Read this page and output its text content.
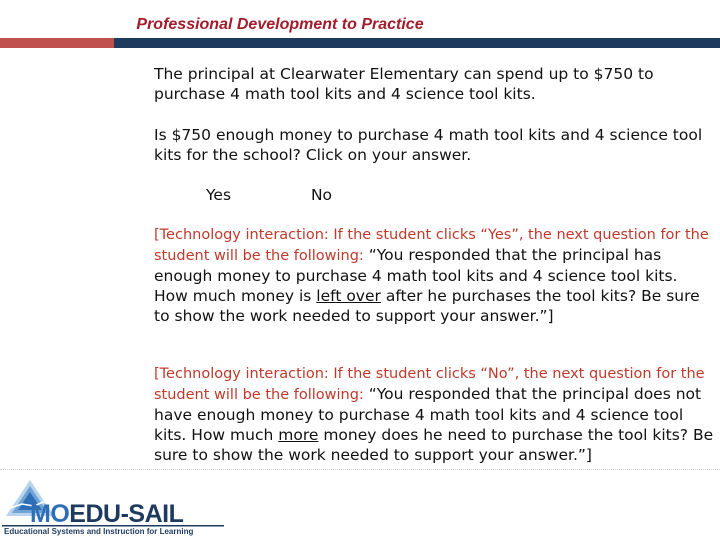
Professional Development to Practice

The principal at Clearwater Elementary can spend up to $750 to purchase 4 math tool kits and 4 science tool kits.

Is $750 enough money to purchase 4 math tool kits and 4 science tool kits for the school? Click on your answer.

Yes	No

[Technology interaction: If the student clicks “Yes”, the next question for the student will be the following: “You responded that the principal has enough money to purchase 4 math tool kits and 4 science tool kits. How much money is left over after he purchases the tool kits? Be sure to show the work needed to support your answer.”]

[Technology interaction: If the student clicks “No”, the next question for the student will be the following: “You responded that the principal does not have enough money to purchase 4 math tool kits and 4 science tool kits. How much more money does he need to purchase the tool kits? Be sure to show the work needed to support your answer.”]

MOEDU-SAIL
Educational Systems and Instruction for Learning
